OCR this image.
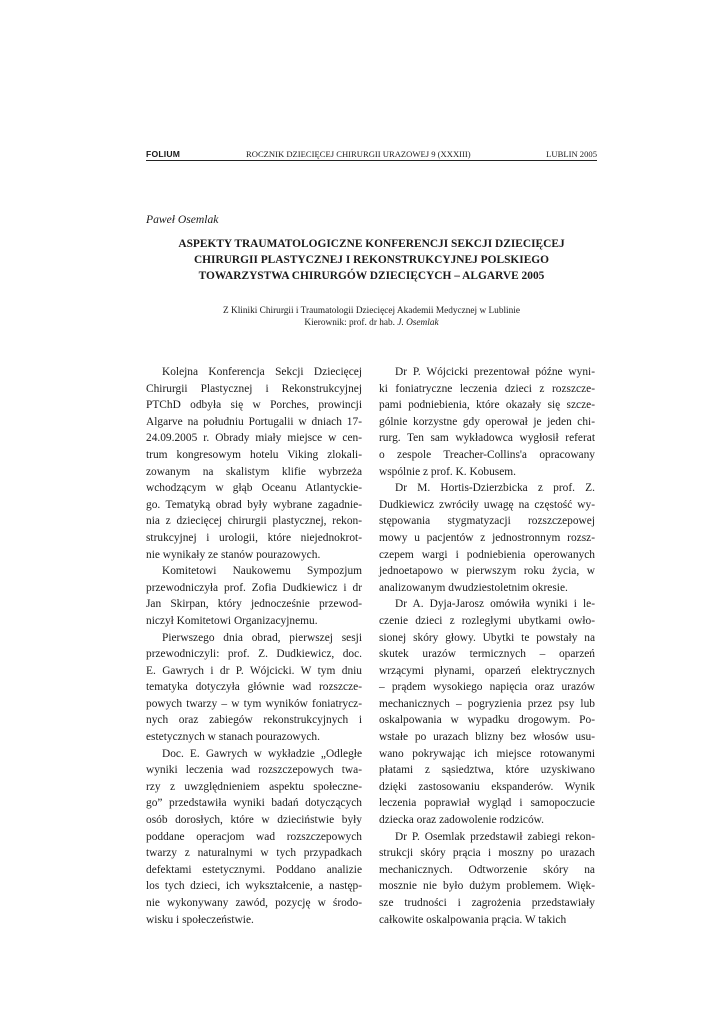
FOLIUM	ROCZNIK DZIECIĘCEJ CHIRURGII URAZOWEJ 9 (XXXIII)	LUBLIN 2005
Paweł Osemlak
ASPEKTY TRAUMATOLOGICZNE KONFERENCJI SEKCJI DZIECIĘCEJ
CHIRURGII PLASTYCZNEJ I REKONSTRUKCYJNEJ POLSKIEGO
TOWARZYSTWA CHIRURGÓW DZIECIĘCYCH – ALGARVE 2005
Z Kliniki Chirurgii i Traumatologii Dziecięcej Akademii Medycznej w Lublinie
Kierownik: prof. dr hab. J. Osemlak

Kolejna Konferencja Sekcji Dziecięcej
Chirurgii Plastycznej i Rekonstrukcyjnej
PTChD odbyła się w Porches, prowincji
Algarve na południu Portugalii w dniach 17-
24.09.2005 r. Obrady miały miejsce w cen-
trum kongresowym hotelu Viking zlokali-
zowanym na skalistym klifie wybrzeża
wchodzącym w głąb Oceanu Atlantyckie-
go. Tematyką obrad były wybrane zagadnie-
nia z dziecięcej chirurgii plastycznej, rekon-
strukcyjnej i urologii, które niejednokrot-
nie wynikały ze stanów pourazowych.

Komitetowi Naukowemu Sympozjum
przewodniczyła prof. Zofia Dudkiewicz i dr
Jan Skirpan, który jednocześnie przewod-
niczył Komitetowi Organizacyjnemu.

Pierwszego dnia obrad, pierwszej sesji
przewodniczyli: prof. Z. Dudkiewicz, doc.
E. Gawrych i dr P. Wójcicki. W tym dniu
tematyka dotyczyła głównie wad rozszcze-
powych twarzy – w tym wyników foniatrycz-
nych oraz zabiegów rekonstrukcyjnych i
estetycznych w stanach pourazowych.

Doc. E. Gawrych w wykładzie „Odległe
wyniki leczenia wad rozszczepowych twa-
rzy z uwzględnieniem aspektu społeczne-
go” przedstawiła wyniki badań dotyczących
osób dorosłych, które w dzieciństwie były
poddane operacjom wad rozszczepowych
twarzy z naturalnymi w tych przypadkach
defektami estetycznymi. Poddano analizie
los tych dzieci, ich wykształcenie, a następ-
nie wykonywany zawód, pozycję w środo-
wisku i społeczeństwie.

Dr P. Wójcicki prezentował późne wyni-
ki foniatryczne leczenia dzieci z rozszcze-
pami podniebienia, które okazały się szcze-
gólnie korzystne gdy operował je jeden chi-
rurg. Ten sam wykładowca wygłosił referat
o zespole Treacher-Collins'a opracowany
wspólnie z prof. K. Kobusem.

Dr M. Hortis-Dzierzbicka z prof. Z.
Dudkiewicz zwróciły uwagę na częstość wy-
stępowania stygmatyzacji rozszczepowej
mowy u pacjentów z jednostronnym rozsz-
czepem wargi i podniebienia operowanych
jednoetapowo w pierwszym roku życia, w
analizowanym dwudziestoletnim okresie.

Dr A. Dyja-Jarosz omówiła wyniki i le-
czenie dzieci z rozległymi ubytkami owło-
sionej skóry głowy. Ubytki te powstały na
skutek urazów termicznych – oparzeń
wrzącymi płynami, oparzeń elektrycznych
– prądem wysokiego napięcia oraz urazów
mechanicznych – pogryzienia przez psy lub
oskalpowania w wypadku drogowym. Po-
wstałe po urazach blizny bez włosów usu-
wano pokrywając ich miejsce rotowanymi
płatami z sąsiedztwa, które uzyskiwano
dzięki zastosowaniu ekspanderów. Wynik
leczenia poprawiał wygląd i samopoczucie
dziecka oraz zadowolenie rodziców.

Dr P. Osemlak przedstawił zabiegi rekon-
strukcji skóry prącia i moszny po urazach
mechanicznych. Odtworzenie skóry na
mosznie nie było dużym problemem. Więk-
sze trudności i zagrożenia przedstawiały
całkowite oskalpowania prącia. W takich
